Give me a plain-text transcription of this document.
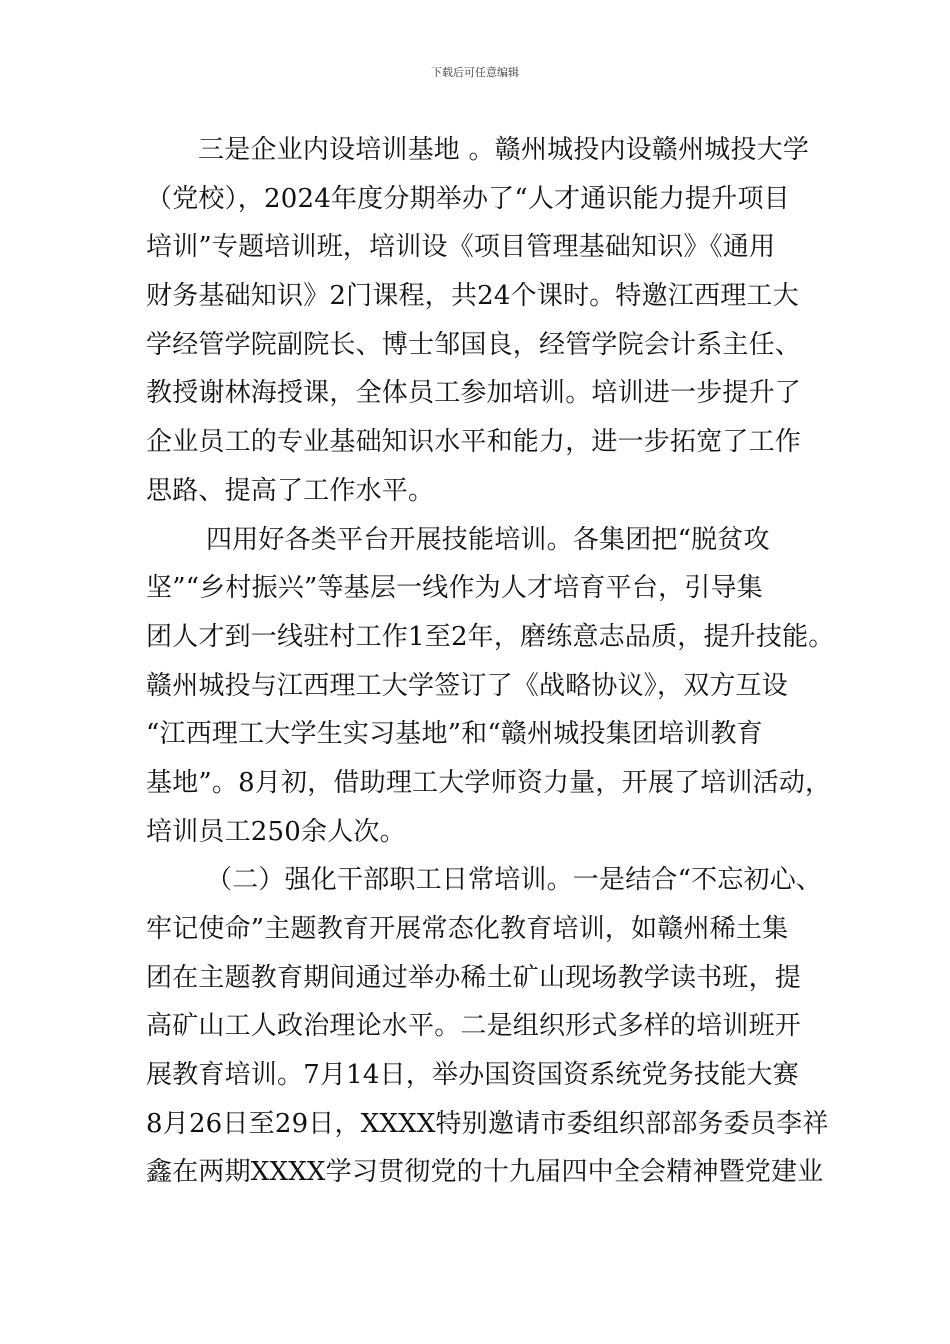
下载后可任意编辑
三是企业内设培训基地 。赣州城投内设赣州城投大学
（党校），2024年度分期举办了“人才通识能力提升项目
培训”专题培训班，培训设《项目管理基础知识》《通用
财务基础知识》2门课程，共24个课时。特邀江西理工大
学经管学院副院长、博士邹国良，经管学院会计系主任、
教授谢林海授课，全体员工参加培训。培训进一步提升了
企业员工的专业基础知识水平和能力，进一步拓宽了工作
思路、提高了工作水平。
四用好各类平台开展技能培训。各集团把“脱贫攻
坚”“乡村振兴”等基层一线作为人才培育平台，引导集
团人才到一线驻村工作1至2年，磨练意志品质，提升技能。
赣州城投与江西理工大学签订了《战略协议》，双方互设
“江西理工大学生实习基地”和“赣州城投集团培训教育
基地”。8月初，借助理工大学师资力量，开展了培训活动，
培训员工250余人次。
（二）强化干部职工日常培训。一是结合“不忘初心、
牢记使命”主题教育开展常态化教育培训，如赣州稀土集
团在主题教育期间通过举办稀土矿山现场教学读书班，提
高矿山工人政治理论水平。二是组织形式多样的培训班开
展教育培训。7月14日，举办国资国资系统党务技能大赛
8月26日至29日，XXXX特别邀请市委组织部部务委员李祥
鑫在两期XXXX学习贯彻党的十九届四中全会精神暨党建业
